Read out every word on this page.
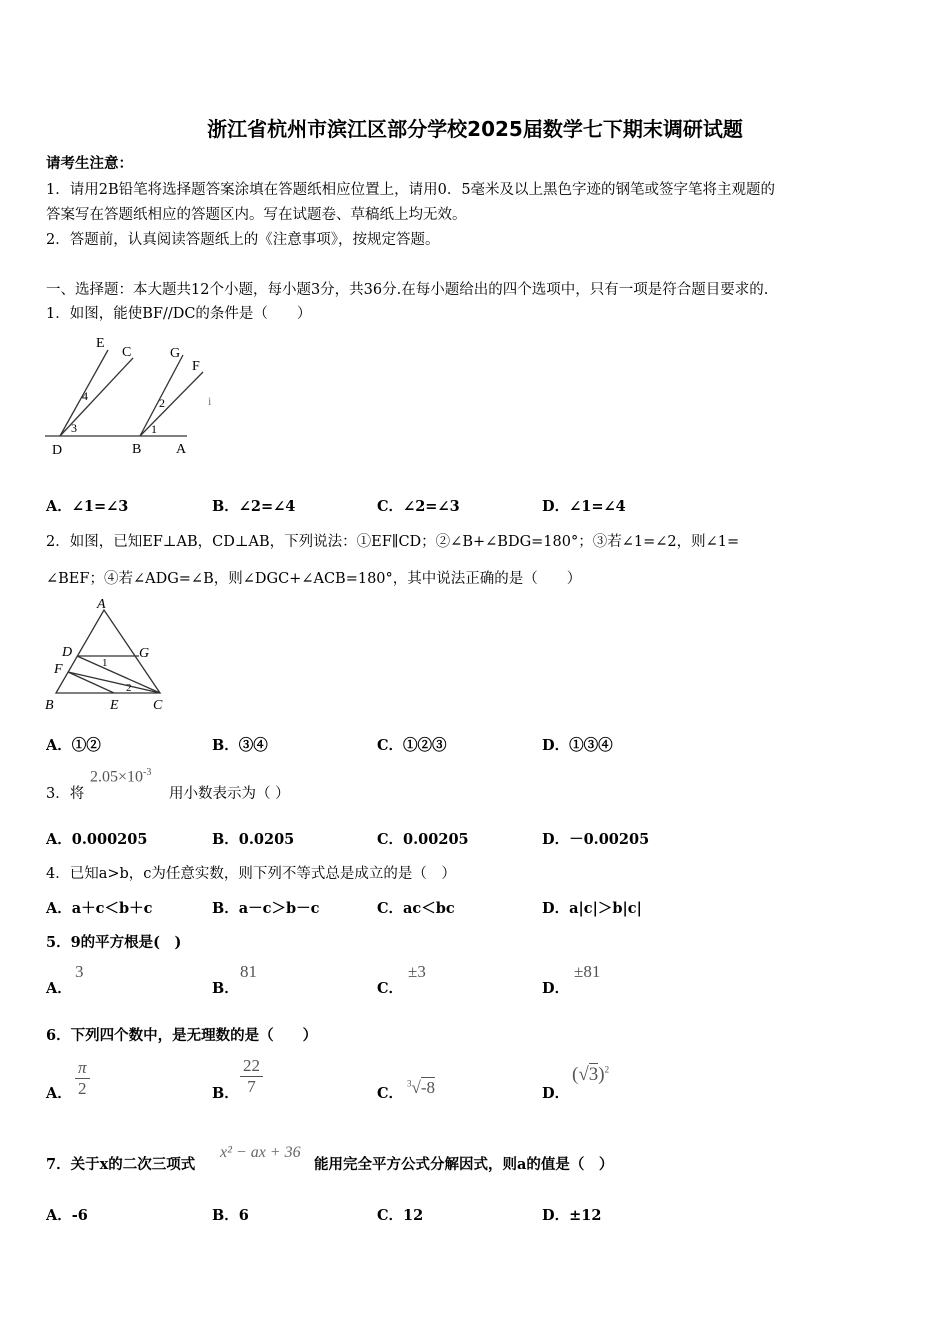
浙江省杭州市滨江区部分学校2025届数学七下期末调研试题
请考生注意：
1．请用2B铅笔将选择题答案涂填在答题纸相应位置上，请用0．5毫米及以上黑色字迹的钢笔或签字笔将主观题的
答案写在答题纸相应的答题区内。写在试题卷、草稿纸上均无效。
2．答题前，认真阅读答题纸上的《注意事项》，按规定答题。
一、选择题：本大题共12个小题，每小题3分，共36分.在每小题给出的四个选项中，只有一项是符合题目要求的.
1．如图，能使BF//DC的条件是（　　）
E
C	G
F
4	2
3	1
D	B A
i
A．∠1=∠3	B．∠2=∠4	C．∠2=∠3	D．∠1=∠4
2．如图，已知EF⊥AB，CD⊥AB，下列说法：①EF∥CD；②∠B+∠BDG=180°；③若∠1=∠2，则∠1=
∠BEF；④若∠ADG=∠B，则∠DGC+∠ACB=180°，其中说法正确的是（　　）
A
D	G
F	1
2
B	E C
A．①②	B．③④	C．①②③	D．①③④
3．将
$2.05\times 10^{-3}$
用小数表示为（ ）
A．0.000205	B．0.0205	C．0.00205	D．－0.00205
4．已知a>b，c为任意实数，则下列不等式总是成立的是（　）
A．a＋c＜b＋c	B．a－c＞b－c	C．ac＜bc	D．a|c|＞b|c|
5．9的平方根是(　)
A．
3
B．
81
C．
±3
D．
±81
6．下列四个数中，是无理数的是（　　）
A． $\frac{\pi}{2}$	B． $\frac{22}{7}$	C．
$^3$√-8	D．
$(√3)^2$
7．关于x的二次三项式
x² − ax + 36
能用完全平方公式分解因式，则a的值是（　）
A．-6	B．6	C．12	D．±12
